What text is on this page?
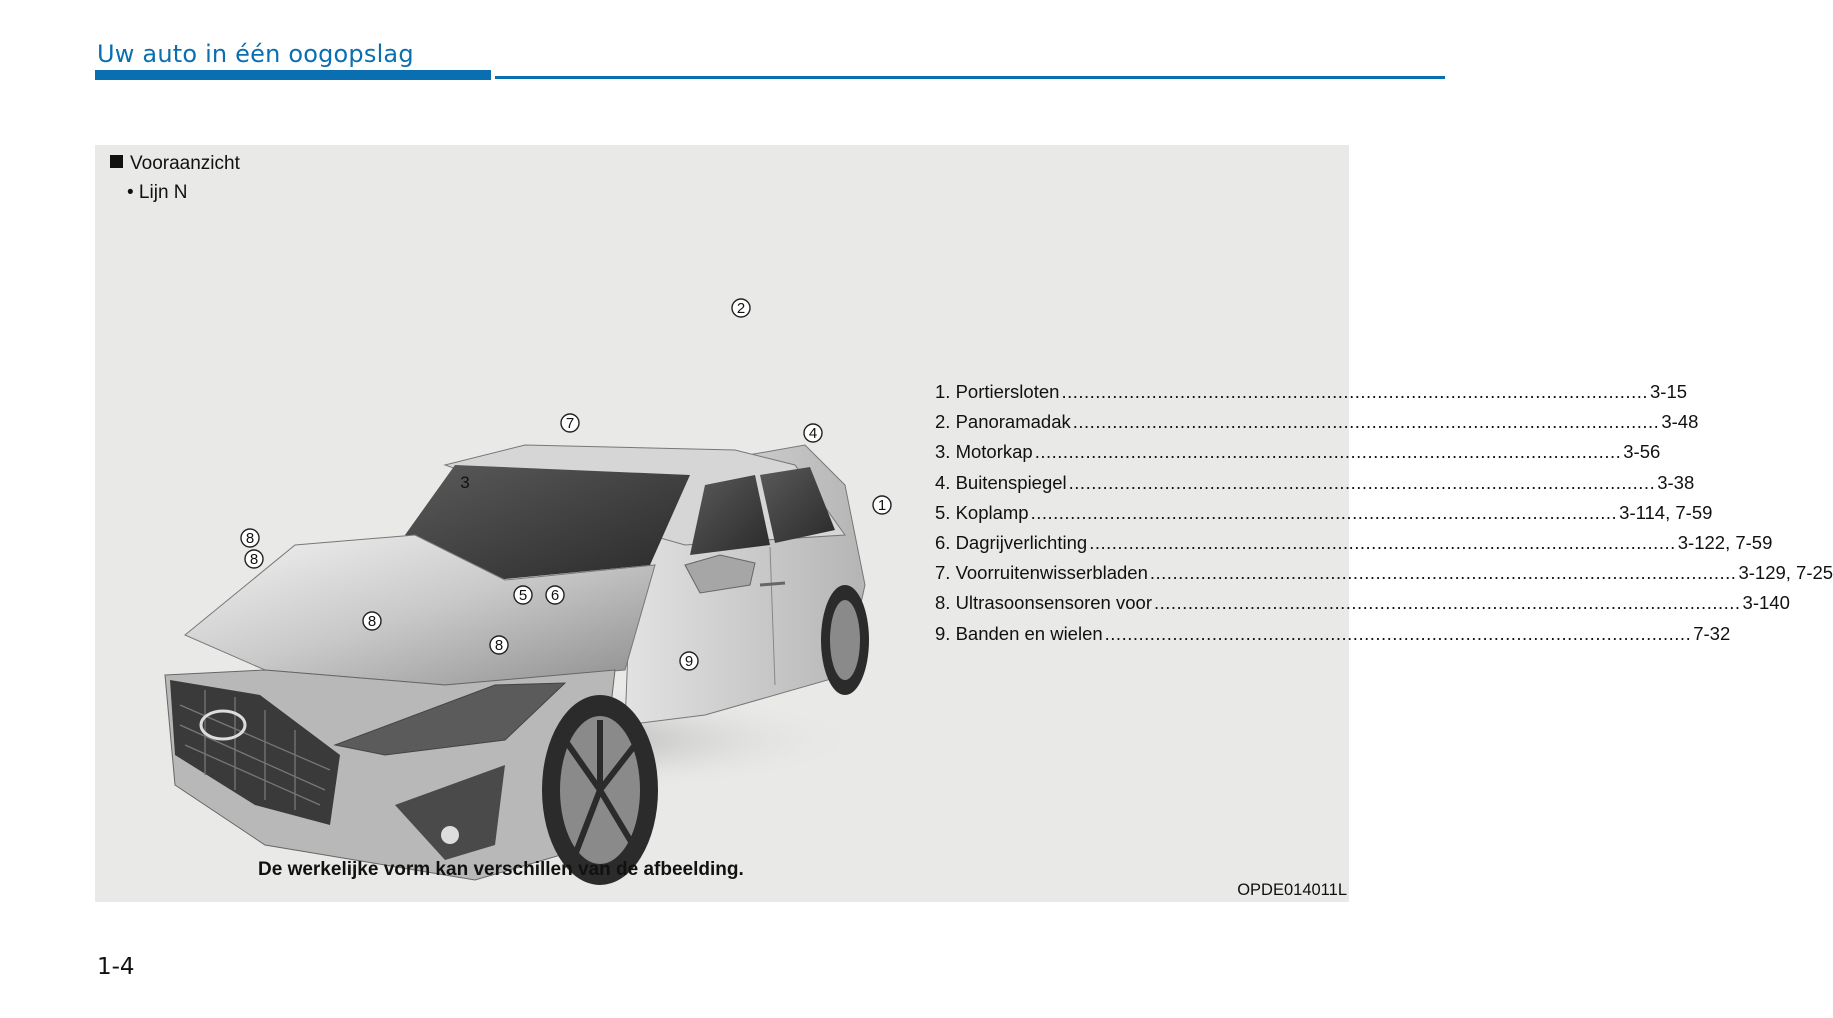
Uw auto in één oogopslag
Vooraanzicht
• Lijn N
2
7
4
3
1
8
8
5 6
8
8
9
1. Portiersloten .....	3-15
2. Panoramadak .....	3-48
3. Motorkap .....	3-56
4. Buitenspiegel .....	3-38
5. Koplamp .....	3-114, 7-59
6. Dagrijverlichting .....	3-122, 7-59
7. Voorruitenwisserbladen .....	3-129, 7-25
8. Ultrasoonsensoren voor .....	3-140
9. Banden en wielen .....	7-32
De werkelijke vorm kan verschillen van de afbeelding.
OPDE014011L
1-4
